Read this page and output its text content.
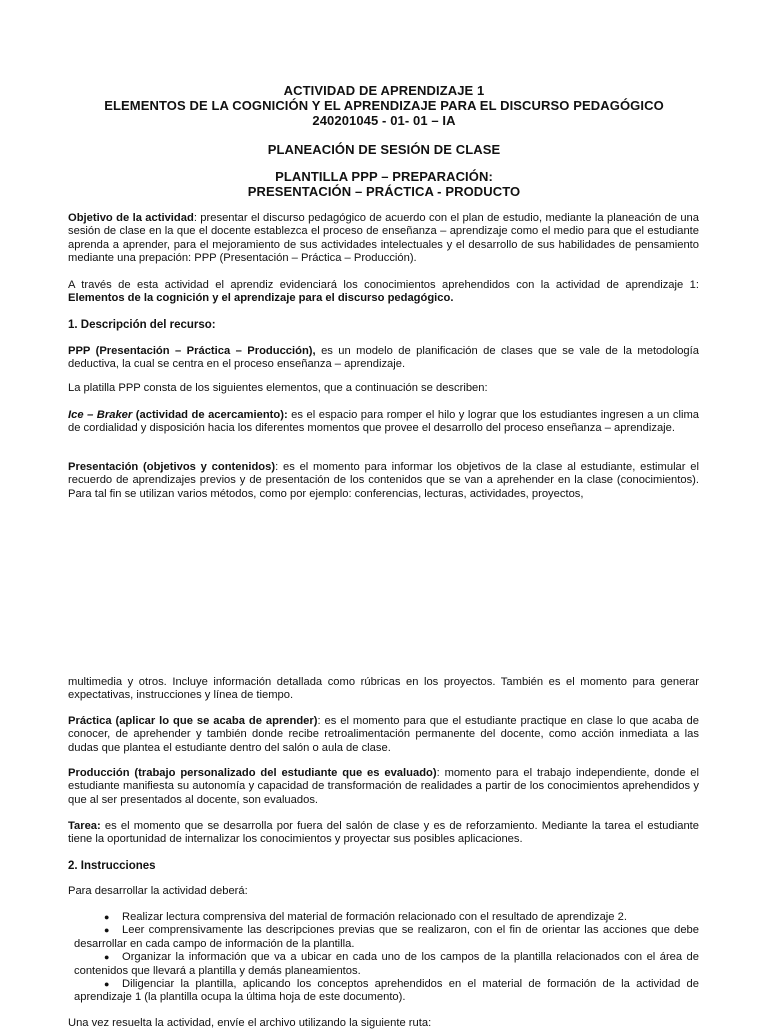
ACTIVIDAD DE APRENDIZAJE 1
ELEMENTOS DE LA COGNICIÓN Y EL APRENDIZAJE PARA EL DISCURSO PEDAGÓGICO
240201045 - 01- 01 – IA
PLANEACIÓN DE SESIÓN DE CLASE
PLANTILLA PPP – PREPARACIÓN:
PRESENTACIÓN – PRÁCTICA - PRODUCTO
Objetivo de la actividad: presentar el discurso pedagógico de acuerdo con el plan de estudio, mediante la planeación de una sesión de clase en la que el docente establezca el proceso de enseñanza – aprendizaje como el medio para que el estudiante aprenda a aprender, para el mejoramiento de sus actividades intelectuales y el desarrollo de sus habilidades de pensamiento mediante una prepación: PPP (Presentación – Práctica – Producción).
A través de esta actividad el aprendiz evidenciará los conocimientos aprehendidos con la actividad de aprendizaje 1: Elementos de la cognición y el aprendizaje para el discurso pedagógico.
1. Descripción del recurso:
PPP (Presentación – Práctica – Producción), es un modelo de planificación de clases que se vale de la metodología deductiva, la cual se centra en el proceso enseñanza – aprendizaje.
La platilla PPP consta de los siguientes elementos, que a continuación se describen:
Ice – Braker (actividad de acercamiento): es el espacio para romper el hilo y lograr que los estudiantes ingresen a un clima de cordialidad y disposición hacia los diferentes momentos que provee el desarrollo del proceso enseñanza – aprendizaje.
Presentación (objetivos y contenidos): es el momento para informar los objetivos de la clase al estudiante, estimular el recuerdo de aprendizajes previos y de presentación de los contenidos que se van a aprehender en la clase (conocimientos). Para tal fin se utilizan varios métodos, como por ejemplo: conferencias, lecturas, actividades, proyectos,
multimedia y otros. Incluye información detallada como rúbricas en los proyectos. También es el momento para generar expectativas, instrucciones y línea de tiempo.
Práctica (aplicar lo que se acaba de aprender): es el momento para que el estudiante practique en clase lo que acaba de conocer, de aprehender y también donde recibe retroalimentación permanente del docente, como acción inmediata a las dudas que plantea el estudiante dentro del salón o aula de clase.
Producción (trabajo personalizado del estudiante que es evaluado): momento para el trabajo independiente, donde el estudiante manifiesta su autonomía y capacidad de transformación de realidades a partir de los conocimientos aprehendidos y que al ser presentados al docente, son evaluados.
Tarea: es el momento que se desarrolla por fuera del salón de clase y es de reforzamiento. Mediante la tarea el estudiante tiene la oportunidad de internalizar los conocimientos y proyectar sus posibles aplicaciones.
2. Instrucciones
Para desarrollar la actividad deberá:
● Realizar lectura comprensiva del material de formación relacionado con el resultado de aprendizaje 2.
● Leer comprensivamente las descripciones previas que se realizaron, con el fin de orientar las acciones que debe desarrollar en cada campo de información de la plantilla.
● Organizar la información que va a ubicar en cada uno de los campos de la plantilla relacionados con el área de contenidos que llevará a plantilla y demás planeamientos.
● Diligenciar la plantilla, aplicando los conceptos aprehendidos en el material de formación de la actividad de aprendizaje 1 (la plantilla ocupa la última hoja de este documento).
Una vez resuelta la actividad, envíe el archivo utilizando la siguiente ruta:
